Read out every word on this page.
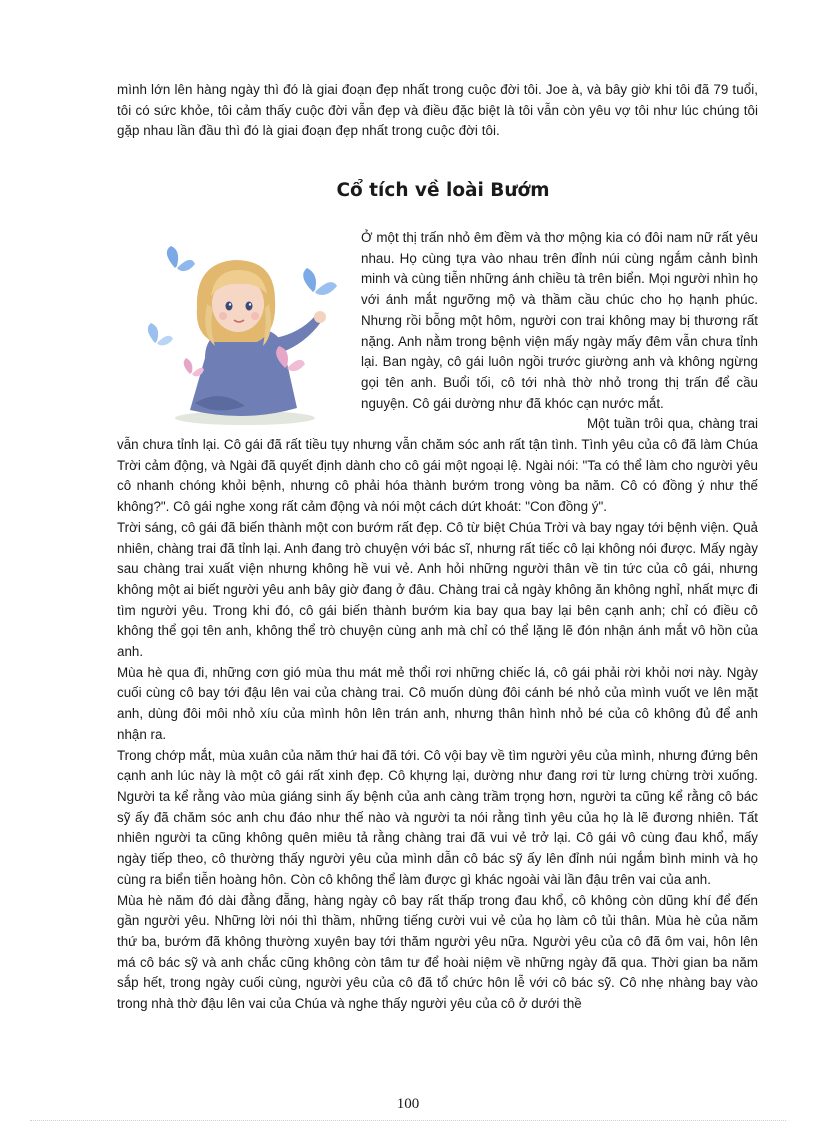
mình lớn lên hàng ngày thì đó là giai đoạn đẹp nhất trong cuộc đời tôi. Joe à, và bây giờ khi tôi đã 79 tuổi, tôi có sức khỏe, tôi cảm thấy cuộc đời vẫn đẹp và điều đặc biệt là tôi vẫn còn yêu vợ tôi như lúc chúng tôi gặp nhau lần đầu thì đó là giai đoạn đẹp nhất trong cuộc đời tôi.

Cổ tích về loài Bướm

Ở một thị trấn nhỏ êm đềm và thơ mộng kia có đôi nam nữ rất yêu nhau. Họ cùng tựa vào nhau trên đỉnh núi cùng ngắm cảnh bình minh và cùng tiễn những ánh chiều tà trên biển. Mọi người nhìn họ với ánh mắt ngưỡng mộ và thầm cầu chúc cho họ hạnh phúc. Nhưng rồi bỗng một hôm, người con trai không may bị thương rất nặng. Anh nằm trong bệnh viện mấy ngày mấy đêm vẫn chưa tỉnh lại. Ban ngày, cô gái luôn ngồi trước giường anh và không ngừng gọi tên anh. Buổi tối, cô tới nhà thờ nhỏ trong thị trấn để cầu nguyện. Cô gái dường như đã khóc cạn nước mắt.

Một tuần trôi qua, chàng trai vẫn chưa tỉnh lại. Cô gái đã rất tiều tụy nhưng vẫn chăm sóc anh rất tận tình. Tình yêu của cô đã làm Chúa Trời cảm động, và Ngài đã quyết định dành cho cô gái một ngoại lệ. Ngài nói: "Ta có thể làm cho người yêu cô nhanh chóng khỏi bệnh, nhưng cô phải hóa thành bướm trong vòng ba năm. Cô có đồng ý như thế không?". Cô gái nghe xong rất cảm động và nói một cách dứt khoát: "Con đồng ý".

Trời sáng, cô gái đã biến thành một con bướm rất đẹp. Cô từ biệt Chúa Trời và bay ngay tới bệnh viện. Quả nhiên, chàng trai đã tỉnh lại. Anh đang trò chuyện với bác sĩ, nhưng rất tiếc cô lại không nói được. Mấy ngày sau chàng trai xuất viện nhưng không hề vui vẻ. Anh hỏi những người thân về tin tức của cô gái, nhưng không một ai biết người yêu anh bây giờ đang ở đâu. Chàng trai cả ngày không ăn không nghỉ, nhất mực đi tìm người yêu. Trong khi đó, cô gái biến thành bướm kia bay qua bay lại bên cạnh anh; chỉ có điều cô không thể gọi tên anh, không thể trò chuyện cùng anh mà chỉ có thể lặng lẽ đón nhận ánh mắt vô hồn của anh.

Mùa hè qua đi, những cơn gió mùa thu mát mẻ thổi rơi những chiếc lá, cô gái phải rời khỏi nơi này. Ngày cuối cùng cô bay tới đậu lên vai của chàng trai. Cô muốn dùng đôi cánh bé nhỏ của mình vuốt ve lên mặt anh, dùng đôi môi nhỏ xíu của mình hôn lên trán anh, nhưng thân hình nhỏ bé của cô không đủ để anh nhận ra.

Trong chớp mắt, mùa xuân của năm thứ hai đã tới. Cô vội bay về tìm người yêu của mình, nhưng đứng bên cạnh anh lúc này là một cô gái rất xinh đẹp. Cô khựng lại, dường như đang rơi từ lưng chừng trời xuống. Người ta kể rằng vào mùa giáng sinh ấy bệnh của anh càng trầm trọng hơn, người ta cũng kể rằng cô bác sỹ ấy đã chăm sóc anh chu đáo như thế nào và người ta nói rằng tình yêu của họ là lẽ đương nhiên. Tất nhiên người ta cũng không quên miêu tả rằng chàng trai đã vui vẻ trở lại. Cô gái vô cùng đau khổ, mấy ngày tiếp theo, cô thường thấy người yêu của mình dẫn cô bác sỹ ấy lên đỉnh núi ngắm bình minh và họ cùng ra biển tiễn hoàng hôn. Còn cô không thể làm được gì khác ngoài vài lần đậu trên vai của anh.

Mùa hè năm đó dài đằng đẵng, hàng ngày cô bay rất thấp trong đau khổ, cô không còn dũng khí để đến gần người yêu. Những lời nói thì thầm, những tiếng cười vui vẻ của họ làm cô tủi thân. Mùa hè của năm thứ ba, bướm đã không thường xuyên bay tới thăm người yêu nữa. Người yêu của cô đã ôm vai, hôn lên má cô bác sỹ và anh chắc cũng không còn tâm tư để hoài niệm về những ngày đã qua. Thời gian ba năm sắp hết, trong ngày cuối cùng, người yêu của cô đã tổ chức hôn lễ với cô bác sỹ. Cô nhẹ nhàng bay vào trong nhà thờ đậu lên vai của Chúa và nghe thấy người yêu của cô ở dưới thề

100
